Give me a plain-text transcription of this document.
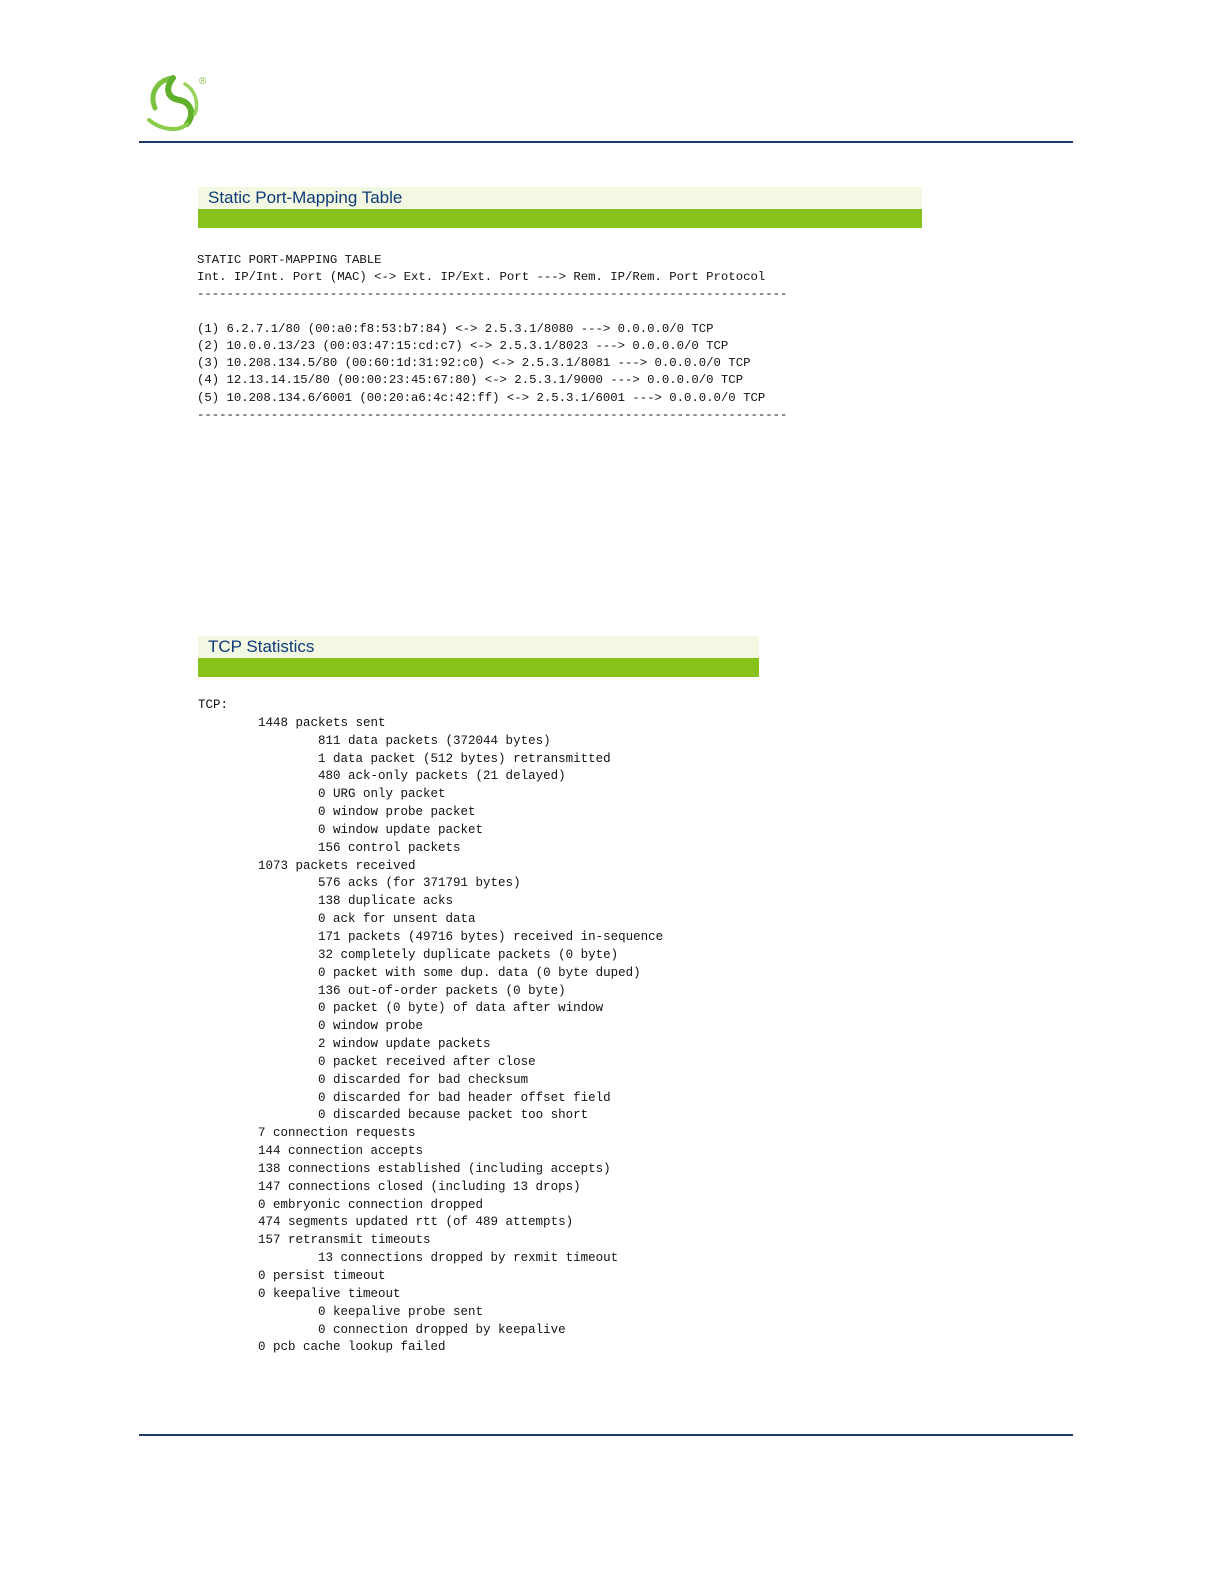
®
Static Port-Mapping Table
STATIC PORT-MAPPING TABLE
Int. IP/Int. Port (MAC) <-> Ext. IP/Ext. Port ---> Rem. IP/Rem. Port Protocol
--------------------------------------------------------------------------------

(1) 6.2.7.1/80 (00:a0:f8:53:b7:84) <-> 2.5.3.1/8080 ---> 0.0.0.0/0 TCP
(2) 10.0.0.13/23 (00:03:47:15:cd:c7) <-> 2.5.3.1/8023 ---> 0.0.0.0/0 TCP
(3) 10.208.134.5/80 (00:60:1d:31:92:c0) <-> 2.5.3.1/8081 ---> 0.0.0.0/0 TCP
(4) 12.13.14.15/80 (00:00:23:45:67:80) <-> 2.5.3.1/9000 ---> 0.0.0.0/0 TCP
(5) 10.208.134.6/6001 (00:20:a6:4c:42:ff) <-> 2.5.3.1/6001 ---> 0.0.0.0/0 TCP
--------------------------------------------------------------------------------
TCP Statistics
TCP:
1448 packets sent
811 data packets (372044 bytes)
1 data packet (512 bytes) retransmitted
480 ack-only packets (21 delayed)
0 URG only packet
0 window probe packet
0 window update packet
156 control packets
1073 packets received
576 acks (for 371791 bytes)
138 duplicate acks
0 ack for unsent data
171 packets (49716 bytes) received in-sequence
32 completely duplicate packets (0 byte)
0 packet with some dup. data (0 byte duped)
136 out-of-order packets (0 byte)
0 packet (0 byte) of data after window
0 window probe
2 window update packets
0 packet received after close
0 discarded for bad checksum
0 discarded for bad header offset field
0 discarded because packet too short
7 connection requests
144 connection accepts
138 connections established (including accepts)
147 connections closed (including 13 drops)
0 embryonic connection dropped
474 segments updated rtt (of 489 attempts)
157 retransmit timeouts
13 connections dropped by rexmit timeout
0 persist timeout
0 keepalive timeout
0 keepalive probe sent
0 connection dropped by keepalive
0 pcb cache lookup failed
